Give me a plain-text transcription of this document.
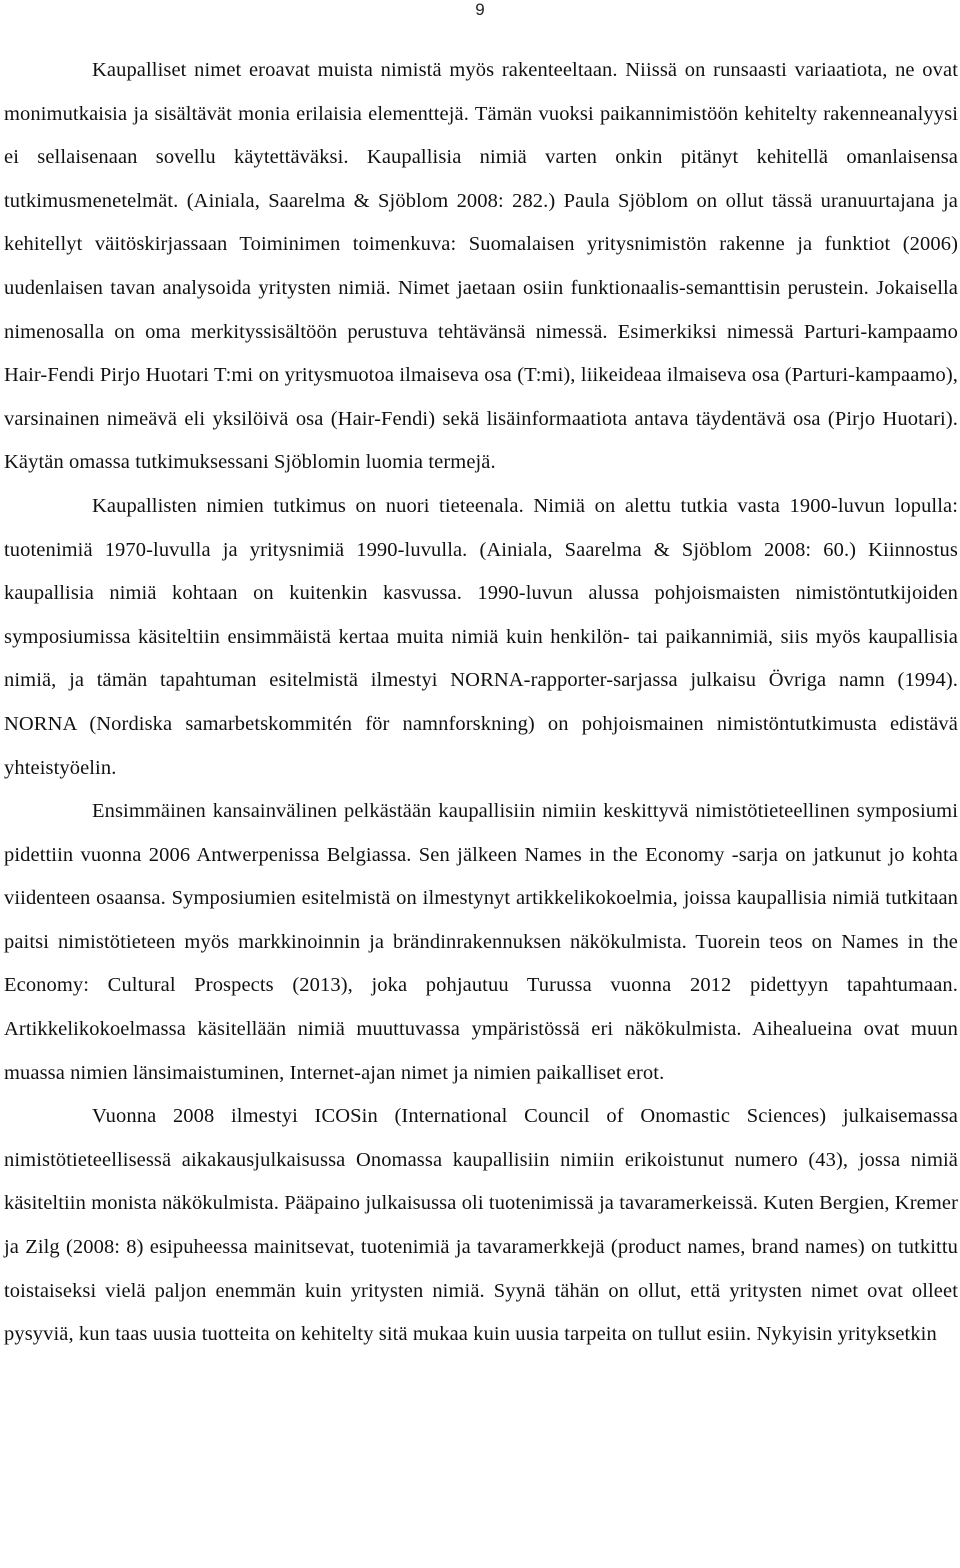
9

Kaupalliset nimet eroavat muista nimistä myös rakenteeltaan. Niissä on runsaasti variaatiota, ne ovat monimutkaisia ja sisältävät monia erilaisia elementtejä. Tämän vuoksi paikannimistöön kehitelty rakenneanalyysi ei sellaisenaan sovellu käytettäväksi. Kaupallisia nimiä varten onkin pitänyt kehitellä omanlaisensa tutkimusmenetelmät. (Ainiala, Saarelma & Sjöblom 2008: 282.) Paula Sjöblom on ollut tässä uranuurtajana ja kehitellyt väitöskirjassaan Toiminimen toimenkuva: Suomalaisen yritysnimistön rakenne ja funktiot (2006) uudenlaisen tavan analysoida yritysten nimiä. Nimet jaetaan osiin funktionaalis-semanttisin perustein. Jokaisella nimenosalla on oma merkityssisältöön perustuva tehtävänsä nimessä. Esimerkiksi nimessä Parturi-kampaamo Hair-Fendi Pirjo Huotari T:mi on yritysmuotoa ilmaiseva osa (T:mi), liikeideaa ilmaiseva osa (Parturi-kampaamo), varsinainen nimeävä eli yksilöivä osa (Hair-Fendi) sekä lisäinformaatiota antava täydentävä osa (Pirjo Huotari). Käytän omassa tutkimuksessani Sjöblomin luomia termejä.

Kaupallisten nimien tutkimus on nuori tieteenala. Nimiä on alettu tutkia vasta 1900-luvun lopulla: tuotenimiä 1970-luvulla ja yritysnimiä 1990-luvulla. (Ainiala, Saarelma & Sjöblom 2008: 60.) Kiinnostus kaupallisia nimiä kohtaan on kuitenkin kasvussa. 1990-luvun alussa pohjoismaisten nimistöntutkijoiden symposiumissa käsiteltiin ensimmäistä kertaa muita nimiä kuin henkilön- tai paikannimiä, siis myös kaupallisia nimiä, ja tämän tapahtuman esitelmistä ilmestyi NORNA-rapporter-sarjassa julkaisu Övriga namn (1994). NORNA (Nordiska samarbetskommitén för namnforskning) on pohjoismainen nimistöntutkimusta edistävä yhteistyöelin.

Ensimmäinen kansainvälinen pelkästään kaupallisiin nimiin keskittyvä nimistötieteellinen symposiumi pidettiin vuonna 2006 Antwerpenissa Belgiassa. Sen jälkeen Names in the Economy -sarja on jatkunut jo kohta viidenteen osaansa. Symposiumien esitelmistä on ilmestynyt artikkelikokoelmia, joissa kaupallisia nimiä tutkitaan paitsi nimistötieteen myös markkinoinnin ja brändinrakennuksen näkökulmista. Tuorein teos on Names in the Economy: Cultural Prospects (2013), joka pohjautuu Turussa vuonna 2012 pidettyyn tapahtumaan. Artikkelikokoelmassa käsitellään nimiä muuttuvassa ympäristössä eri näkökulmista. Aihealueina ovat muun muassa nimien länsimaistuminen, Internet-ajan nimet ja nimien paikalliset erot.

Vuonna 2008 ilmestyi ICOSin (International Council of Onomastic Sciences) julkaisemassa nimistötieteellisessä aikakausjulkaisussa Onomassa kaupallisiin nimiin erikoistunut numero (43), jossa nimiä käsiteltiin monista näkökulmista. Pääpaino julkaisussa oli tuotenimissä ja tavaramerkeissä. Kuten Bergien, Kremer ja Zilg (2008: 8) esipuheessa mainitsevat, tuotenimiä ja tavaramerkkejä (product names, brand names) on tutkittu toistaiseksi vielä paljon enemmän kuin yritysten nimiä. Syynä tähän on ollut, että yritysten nimet ovat olleet pysyviä, kun taas uusia tuotteita on kehitelty sitä mukaa kuin uusia tarpeita on tullut esiin. Nykyisin yrityksetkin
